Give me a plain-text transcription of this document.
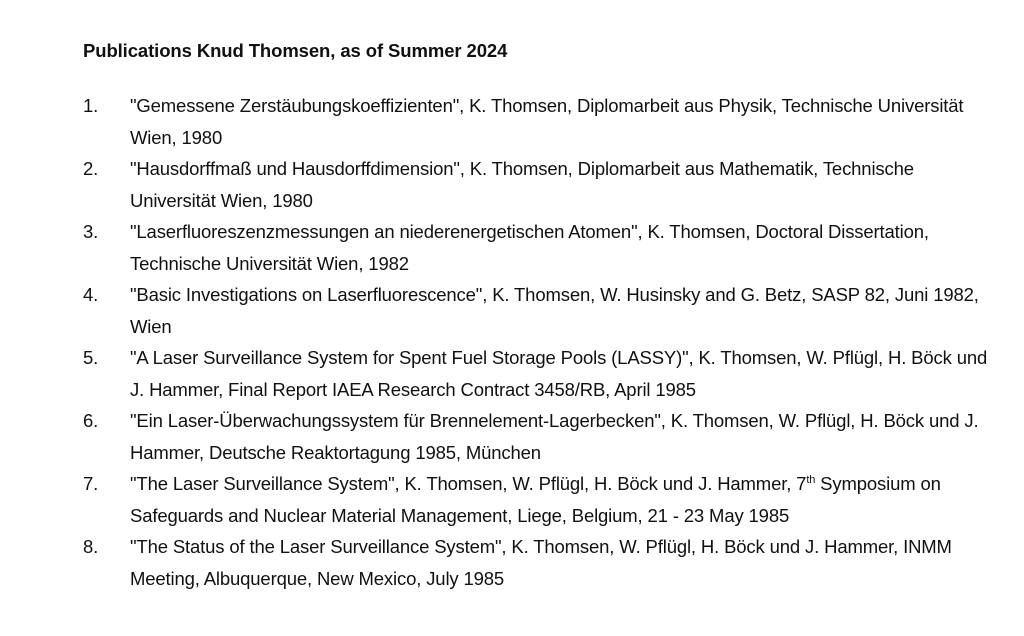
Publications Knud Thomsen, as of Summer 2024
1. "Gemessene Zerstäubungskoeffizienten", K. Thomsen, Diplomarbeit aus Physik, Technische Universität Wien, 1980
2. "Hausdorffmaß und Hausdorffdimension", K. Thomsen, Diplomarbeit aus Mathematik, Technische Universität Wien, 1980
3. "Laserfluoreszenzmessungen an niederenergetischen Atomen", K. Thomsen, Doctoral Dissertation, Technische Universität Wien, 1982
4. "Basic Investigations on Laserfluorescence", K. Thomsen, W. Husinsky and G. Betz, SASP 82, Juni 1982, Wien
5. "A Laser Surveillance System for Spent Fuel Storage Pools (LASSY)", K. Thomsen, W. Pflügl, H. Böck und J. Hammer, Final Report IAEA Research Contract 3458/RB, April 1985
6. "Ein Laser-Überwachungssystem für Brennelement-Lagerbecken", K. Thomsen, W. Pflügl, H. Böck und J. Hammer, Deutsche Reaktortagung 1985, München
7. "The Laser Surveillance System", K. Thomsen, W. Pflügl, H. Böck und J. Hammer, 7th Symposium on Safeguards and Nuclear Material Management, Liege, Belgium, 21 - 23 May 1985
8. "The Status of the Laser Surveillance System", K. Thomsen, W. Pflügl, H. Böck und J. Hammer, INMM Meeting, Albuquerque, New Mexico, July 1985
